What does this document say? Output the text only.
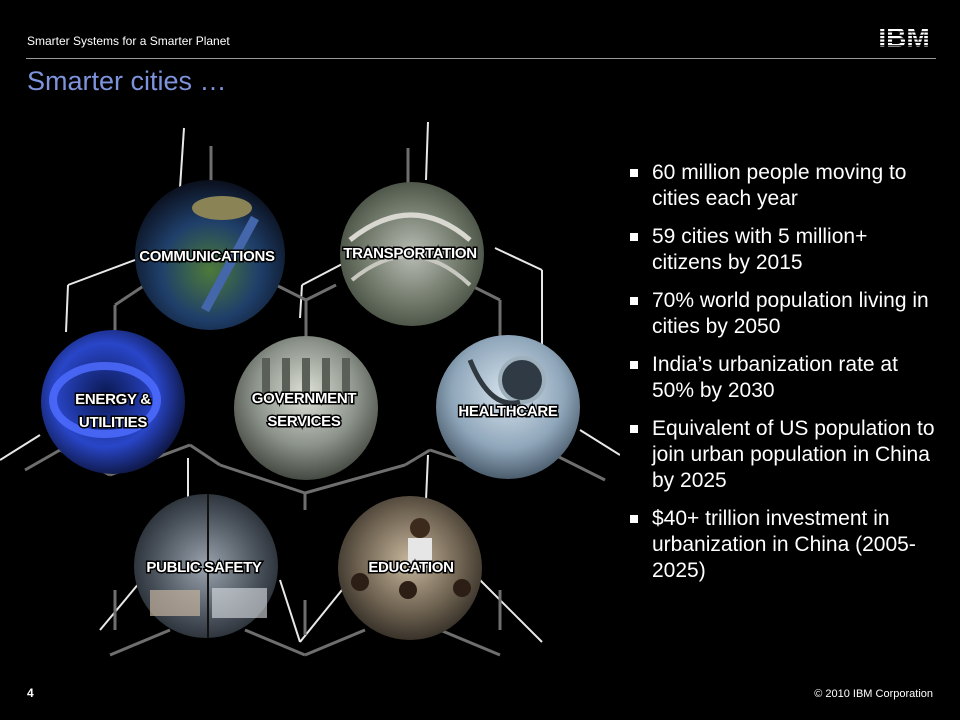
Smarter Systems for a Smarter Planet
Smarter cities …
COMMUNICATIONS	TRANSPORTATION
ENERGY &
UTILITIES
GOVERNMENT
SERVICES
HEALTHCARE
PUBLIC SAFETY	EDUCATION
60 million people moving to cities each year
59 cities with 5 million+ citizens by 2015
70% world population living in cities by 2050
India’s urbanization rate at 50% by 2030
Equivalent of US population to join urban population in China by 2025
$40+ trillion investment in urbanization in China (2005-2025)
4	© 2010 IBM Corporation
